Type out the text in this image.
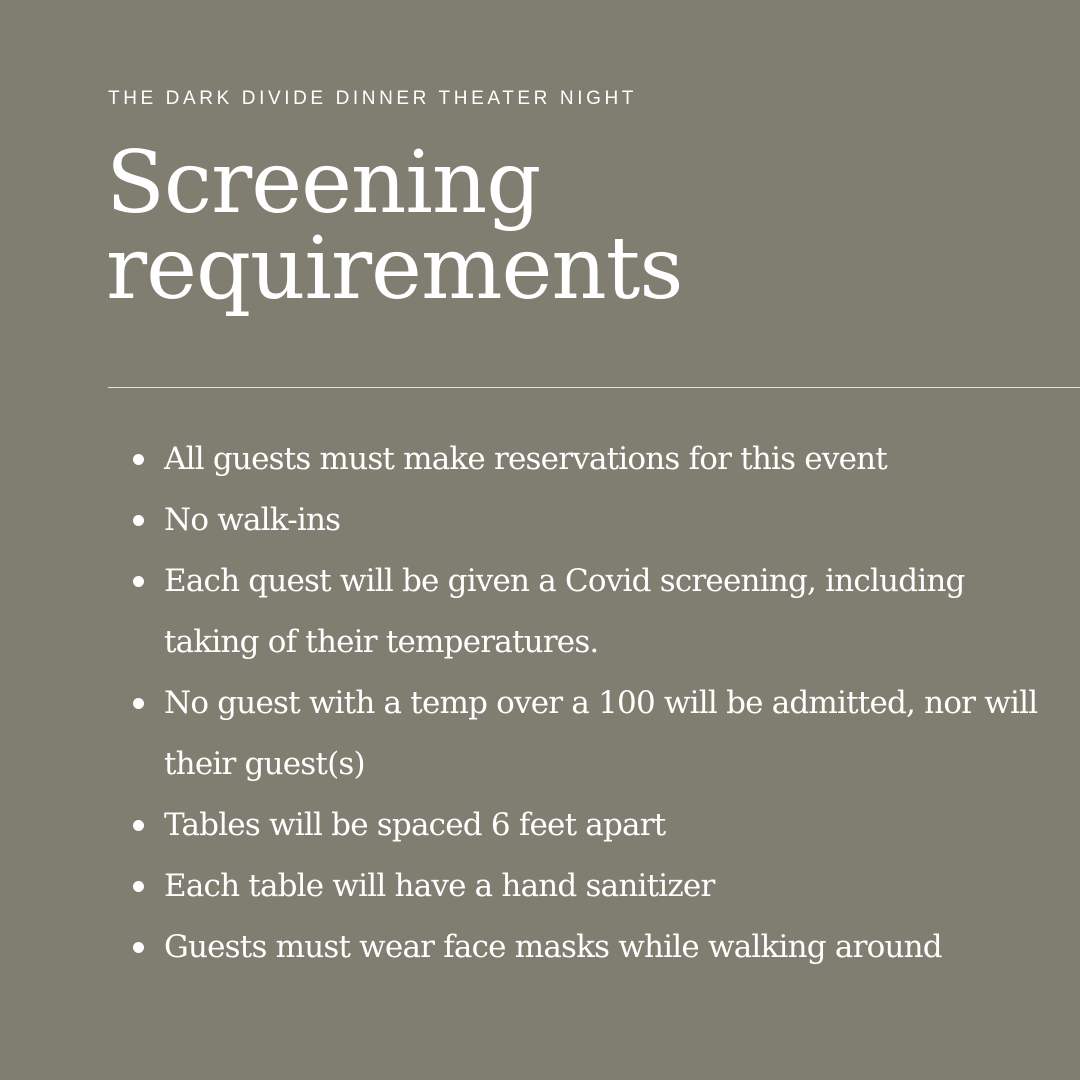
THE DARK DIVIDE DINNER THEATER NIGHT
Screening
requirements
All guests must make reservations for this event
No walk-ins
Each quest will be given a Covid screening, including taking of their temperatures.
No guest with a temp over a 100 will be admitted, nor will their guest(s)
Tables will be spaced 6 feet apart
Each table will have a hand sanitizer
Guests must wear face masks while walking around
